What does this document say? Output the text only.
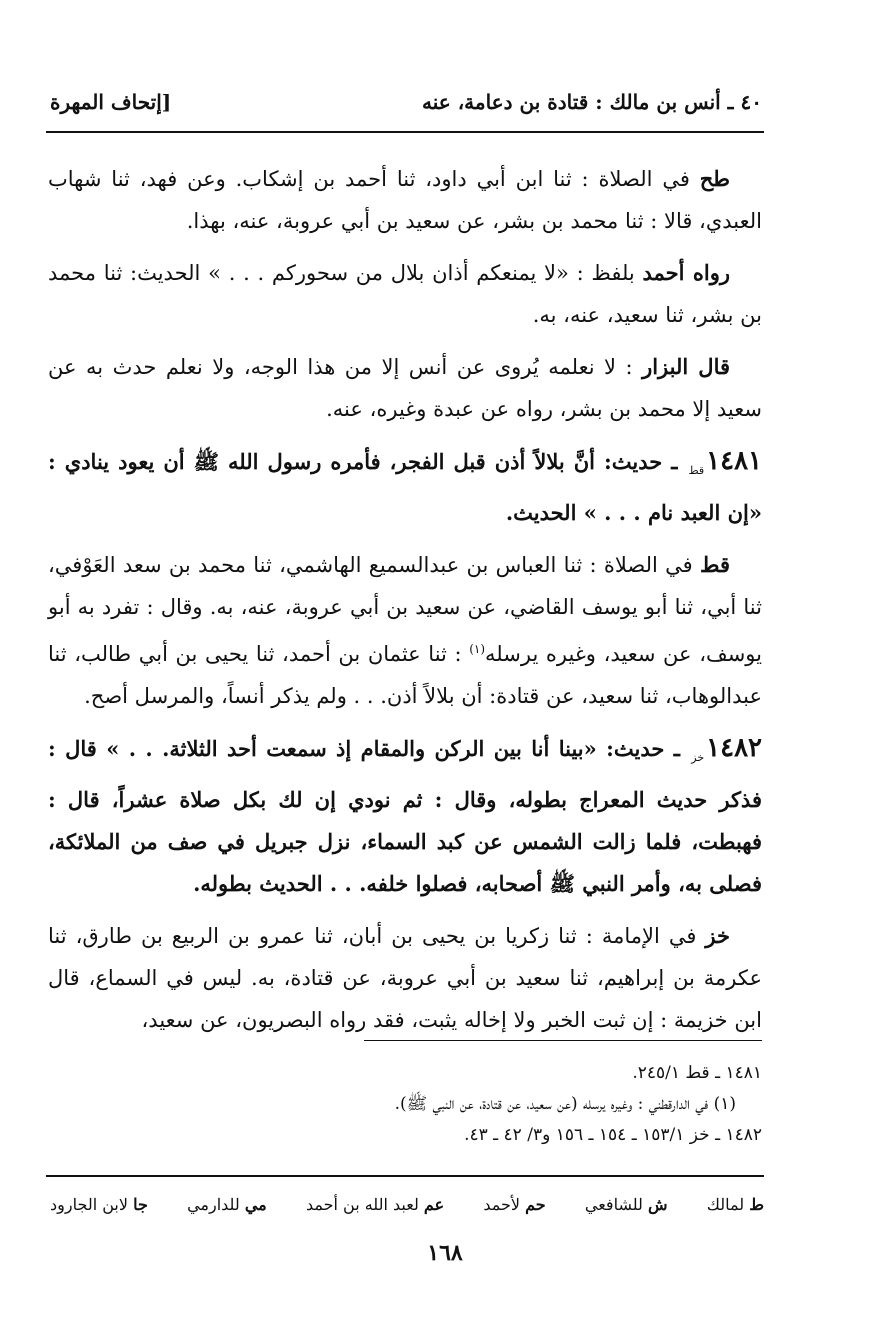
٤٠ ـ أنس بن مالك : قتادة بن دعامة، عنه
[إتحاف المهرة

طح في الصلاة : ثنا ابن أبي داود، ثنا أحمد بن إشكاب. وعن فهد، ثنا شهاب العبدي، قالا : ثنا محمد بن بشر، عن سعيد بن أبي عروبة، عنه، بهذا.

رواه أحمد بلفظ : «لا يمنعكم أذان بلال من سحوركم . . . » الحديث: ثنا محمد بن بشر، ثنا سعيد، عنه، به.

قال البزار : لا نعلمه يُروى عن أنس إلا من هذا الوجه، ولا نعلم حدث به عن سعيد إلا محمد بن بشر، رواه عن عبدة وغيره، عنه.

$١٤٨١_{قط}$ ـ حديث: أنَّ بلالاً أذن قبل الفجر، فأمره رسول الله ﷺ أن يعود ينادي : «إن العبد نام . . . » الحديث.

قط في الصلاة : ثنا العباس بن عبدالسميع الهاشمي، ثنا محمد بن سعد العَوْفي، ثنا أبي، ثنا أبو يوسف القاضي، عن سعيد بن أبي عروبة، عنه، به. وقال : تفرد به أبو يوسف، عن سعيد، وغيره يرسله$^{(١)}$ : ثنا عثمان بن أحمد، ثنا يحيى بن أبي طالب، ثنا عبدالوهاب، ثنا سعيد، عن قتادة: أن بلالاً أذن. . . ولم يذكر أنساً، والمرسل أصح.

$١٤٨٢_{خز}$ ـ حديث: «بينا أنا بين الركن والمقام إذ سمعت أحد الثلاثة. . . » قال : فذكر حديث المعراج بطوله، وقال : ثم نودي إن لك بكل صلاة عشراً، قال : فهبطت، فلما زالت الشمس عن كبد السماء، نزل جبريل في صف من الملائكة، فصلى به، وأمر النبي ﷺ أصحابه، فصلوا خلفه. . . الحديث بطوله.

خز في الإمامة : ثنا زكريا بن يحيى بن أبان، ثنا عمرو بن الربيع بن طارق، ثنا عكرمة بن إبراهيم، ثنا سعيد بن أبي عروبة، عن قتادة، به. ليس في السماع، قال ابن خزيمة : إن ثبت الخبر ولا إخاله يثبت، فقد رواه البصريون، عن سعيد،

١٤٨١ ـ قط ٢٤٥/١.

(١) في الدارقطني : وغيره يرسله (عن سعيد، عن قتادة، عن النبي ﷺ).

١٤٨٢ ـ خز ١٥٣/١ ـ ١٥٤ ـ ١٥٦ و٣/ ٤٢ ـ ٤٣.

ط لمالك
ش للشافعي
حم لأحمد
عم لعبد الله بن أحمد
مي للدارمي
جا لابن الجارود
١٦٨
